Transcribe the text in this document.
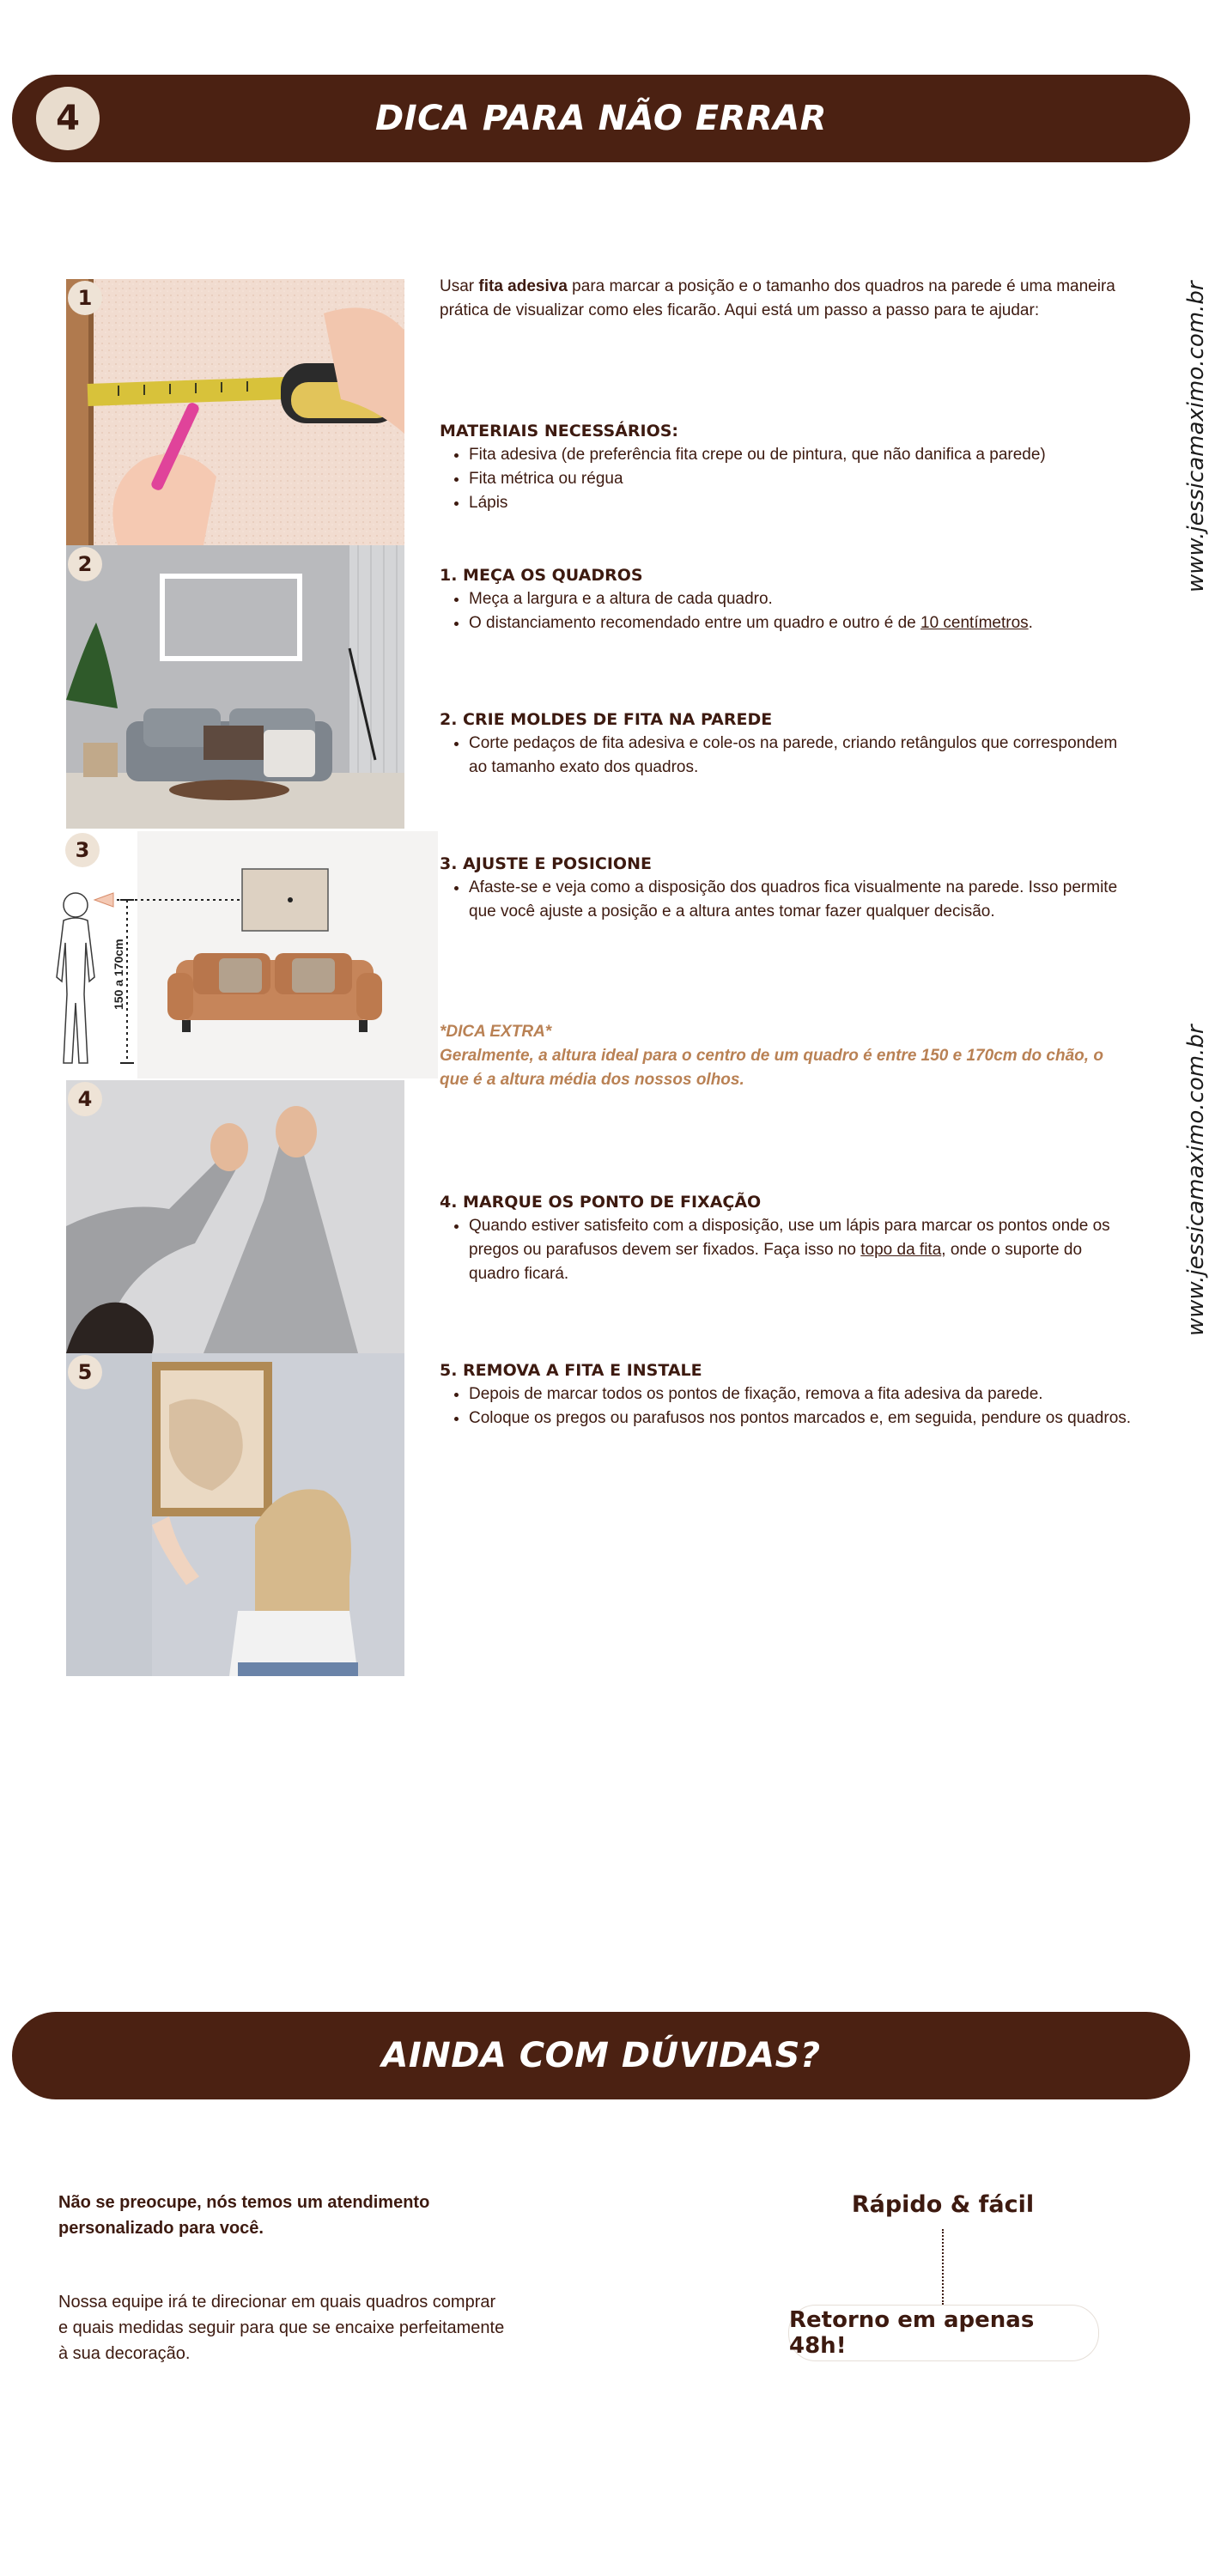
4	DICA PARA NÃO ERRAR
1
2
150 a 170cm
3
4
5

Usar fita adesiva para marcar a posição e o tamanho dos quadros na parede é uma maneira prática de visualizar como eles ficarão. Aqui está um passo a passo para te ajudar:

MATERIAIS NECESSÁRIOS:
• Fita adesiva (de preferência fita crepe ou de pintura, que não danifica a parede)
• Fita métrica ou régua
• Lápis
1. MEÇA OS QUADROS
• Meça a largura e a altura de cada quadro.
• O distanciamento recomendado entre um quadro e outro é de 10 centímetros.
2. CRIE MOLDES DE FITA NA PAREDE
• Corte pedaços de fita adesiva e cole-os na parede, criando retângulos que correspondem ao tamanho exato dos quadros.
3. AJUSTE E POSICIONE
• Afaste-se e veja como a disposição dos quadros fica visualmente na parede. Isso permite que você ajuste a posição e a altura antes tomar fazer qualquer decisão.

*DICA EXTRA*

Geralmente, a altura ideal para o centro de um quadro é entre 150 e 170cm do chão, o que é a altura média dos nossos olhos.

4. MARQUE OS PONTO DE FIXAÇÃO
• Quando estiver satisfeito com a disposição, use um lápis para marcar os pontos onde os pregos ou parafusos devem ser fixados. Faça isso no topo da fita, onde o suporte do quadro ficará.
5. REMOVA A FITA E INSTALE
• Depois de marcar todos os pontos de fixação, remova a fita adesiva da parede.
• Coloque os pregos ou parafusos nos pontos marcados e, em seguida, pendure os quadros.
www.jessicamaximo.com.br
www.jessicamaximo.com.br
AINDA COM DÚVIDAS?
Não se preocupe, nós temos um atendimento personalizado para você.
Nossa equipe irá te direcionar em quais quadros comprar e quais medidas seguir para que se encaixe perfeitamente à sua decoração.
Rápido & fácil
Retorno em apenas 48h!
